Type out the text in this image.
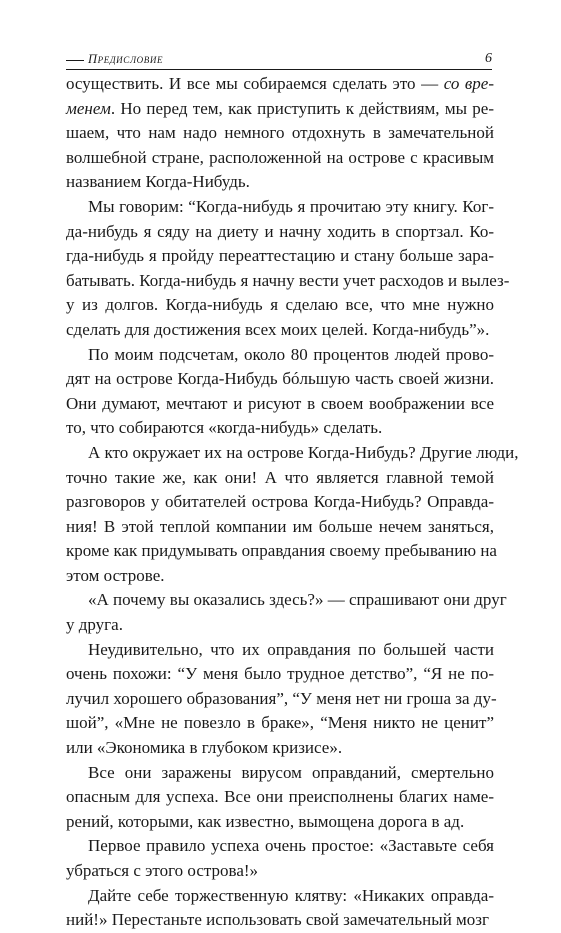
Предисловие	6
осуществить. И все мы собираемся сделать это — со вре-
менем. Но перед тем, как приступить к действиям, мы ре-
шаем, что нам надо немного отдохнуть в замечательной
волшебной стране, расположенной на острове с красивым
названием Когда-Нибудь.
Мы говорим: “Когда-нибудь я прочитаю эту книгу. Ког-
да-нибудь я сяду на диету и начну ходить в спортзал. Ко-
гда-нибудь я пройду переаттестацию и стану больше зара-
батывать. Когда-нибудь я начну вести учет расходов и вылез-
у из долгов. Когда-нибудь я сделаю все, что мне нужно
сделать для достижения всех моих целей. Когда-нибудь”».
По моим подсчетам, около 80 процентов людей прово-
дят на острове Когда-Нибудь бóльшую часть своей жизни.
Они думают, мечтают и рисуют в своем воображении все
то, что собираются «когда-нибудь» сделать.
А кто окружает их на острове Когда-Нибудь? Другие люди,
точно такие же, как они! А что является главной темой
разговоров у обитателей острова Когда-Нибудь? Оправда-
ния! В этой теплой компании им больше нечем заняться,
кроме как придумывать оправдания своему пребыванию на
этом острове.
«А почему вы оказались здесь?» — спрашивают они друг
у друга.
Неудивительно, что их оправдания по большей части
очень похожи: “У меня было трудное детство”, “Я не по-
лучил хорошего образования”, “У меня нет ни гроша за ду-
шой”, «Мне не повезло в браке», “Меня никто не ценит”
или «Экономика в глубоком кризисе».
Все они заражены вирусом оправданий, смертельно
опасным для успеха. Все они преисполнены благих наме-
рений, которыми, как известно, вымощена дорога в ад.
Первое правило успеха очень простое: «Заставьте себя
убраться с этого острова!»
Дайте себе торжественную клятву: «Никаких оправда-
ний!» Перестаньте использовать свой замечательный мозг
